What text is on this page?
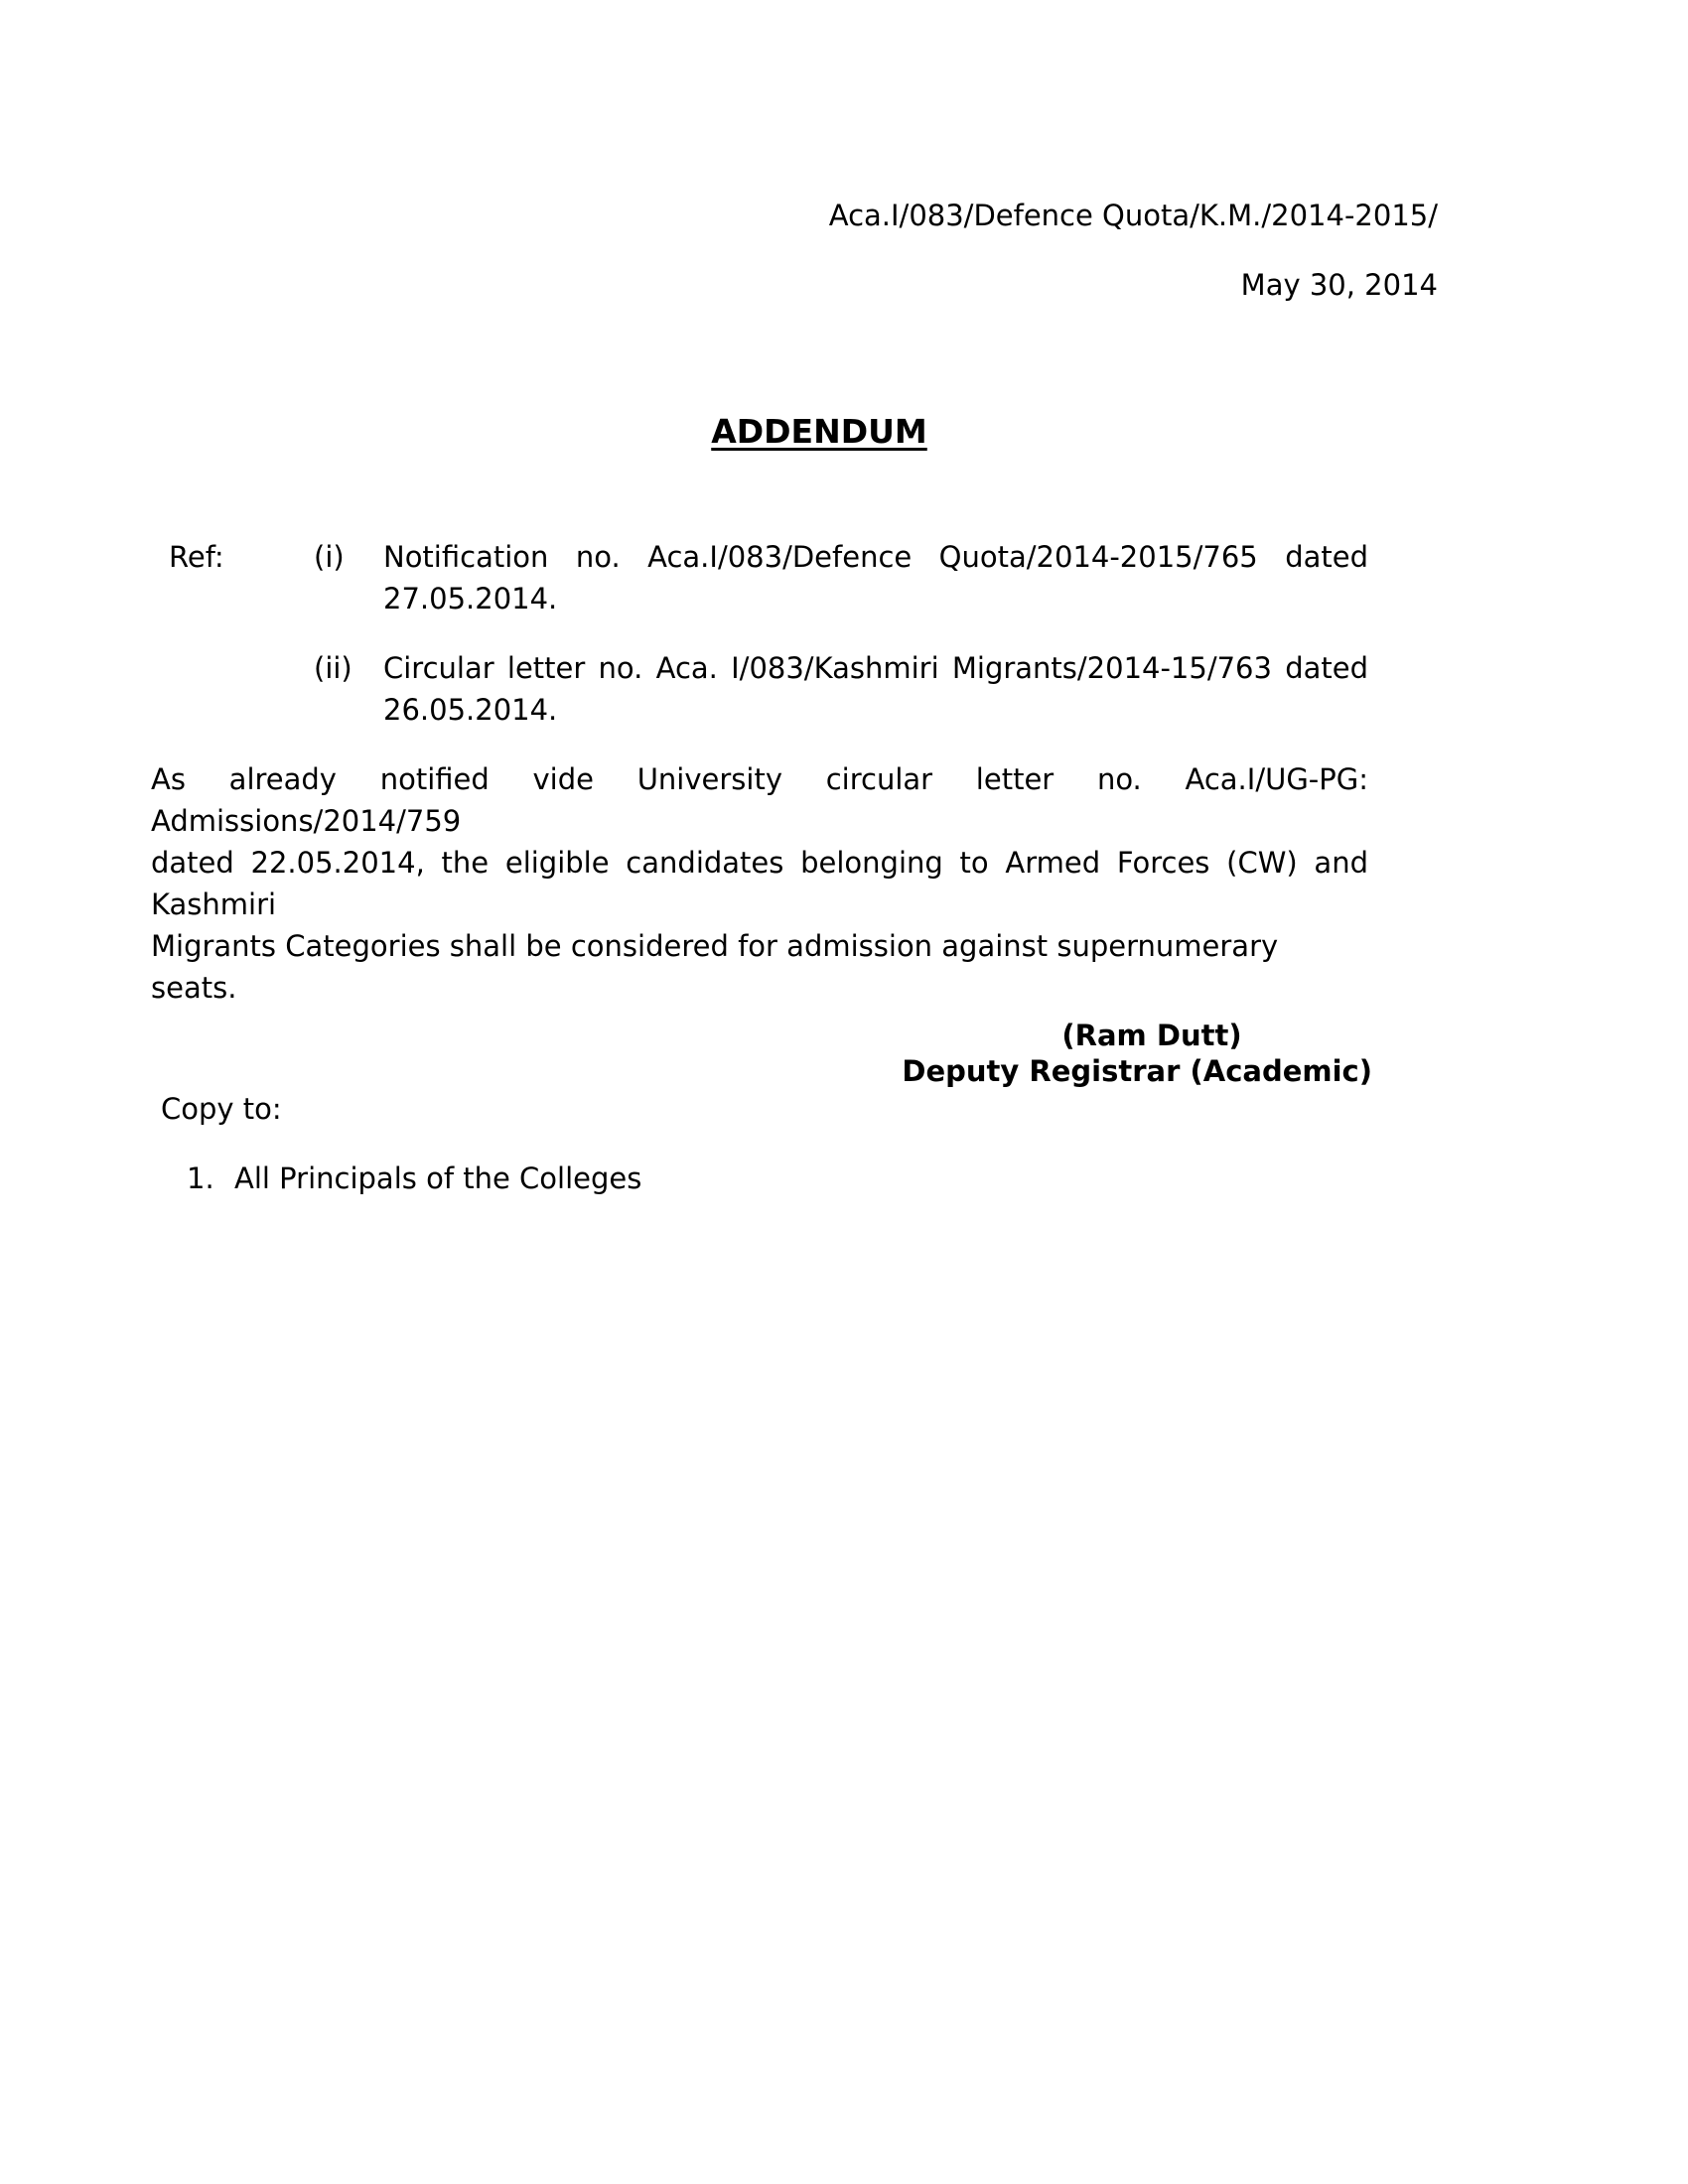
Aca.I/083/Defence Quota/K.M./2014-2015/
May 30, 2014
ADDENDUM
Ref:	(i)	Notification no. Aca.I/083/Defence Quota/2014-2015/765 dated
27.05.2014.
(ii)	Circular letter no. Aca. I/083/Kashmiri Migrants/2014-15/763 dated
26.05.2014.
As already notified vide University circular letter no. Aca.I/UG-PG: Admissions/2014/759
dated 22.05.2014, the eligible candidates belonging to Armed Forces (CW) and Kashmiri
Migrants Categories shall be considered for admission against supernumerary seats.
(Ram Dutt)
Deputy Registrar (Academic)
Copy to:
1. All Principals of the Colleges
